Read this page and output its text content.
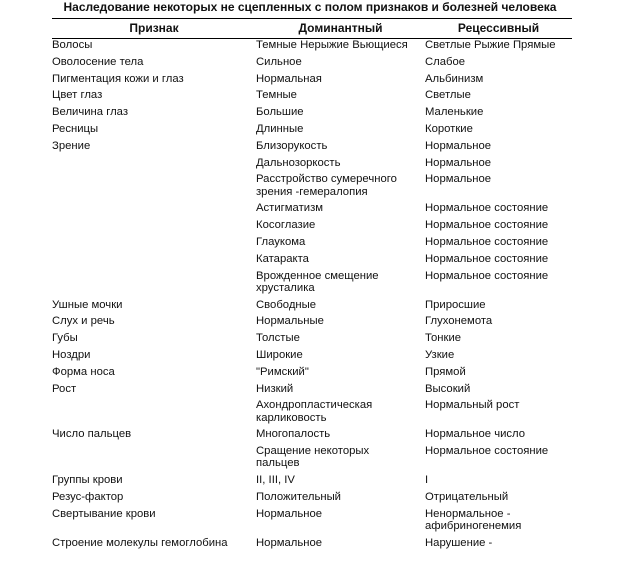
Наследование некоторых не сцепленных с полом признаков и болезней человека
Признак	Доминантный	Рецессивный

Волосы	Темные Нерыжие Вьющиеся	Светлые Рыжие Прямые

Оволосение тела	Сильное	Слабое

Пигментация кожи и глаз	Нормальная	Альбинизм

Цвет глаз	Темные	Светлые

Величина глаз	Большие	Маленькие

Ресницы	Длинные	Короткие

Зрение	Близорукость	Нормальное

	Дальнозоркость	Нормальное

	Расстройство сумеречного зрения -гемералопия	Нормальное

	Астигматизм	Нормальное состояние

	Косоглазие	Нормальное состояние

	Глаукома	Нормальное состояние

	Катаракта	Нормальное состояние

	Врожденное смещение хрусталика	Нормальное состояние

Ушные мочки	Свободные	Приросшие

Слух и речь	Нормальные	Глухонемота

Губы	Толстые	Тонкие

Ноздри	Широкие	Узкие

Форма носа	"Римский"	Прямой

Рост	Низкий	Высокий

	Ахондропластическая карликовость	Нормальный рост

Число пальцев	Многопалость	Нормальное число

	Сращение некоторых пальцев	Нормальное состояние

Группы крови	II, III, IV	I

Резус-фактор	Положительный	Отрицательный

Свертывание крови	Нормальное	Ненормальное - афибриногенемия

Строение молекулы гемоглобина	Нормальное	Нарушение -
